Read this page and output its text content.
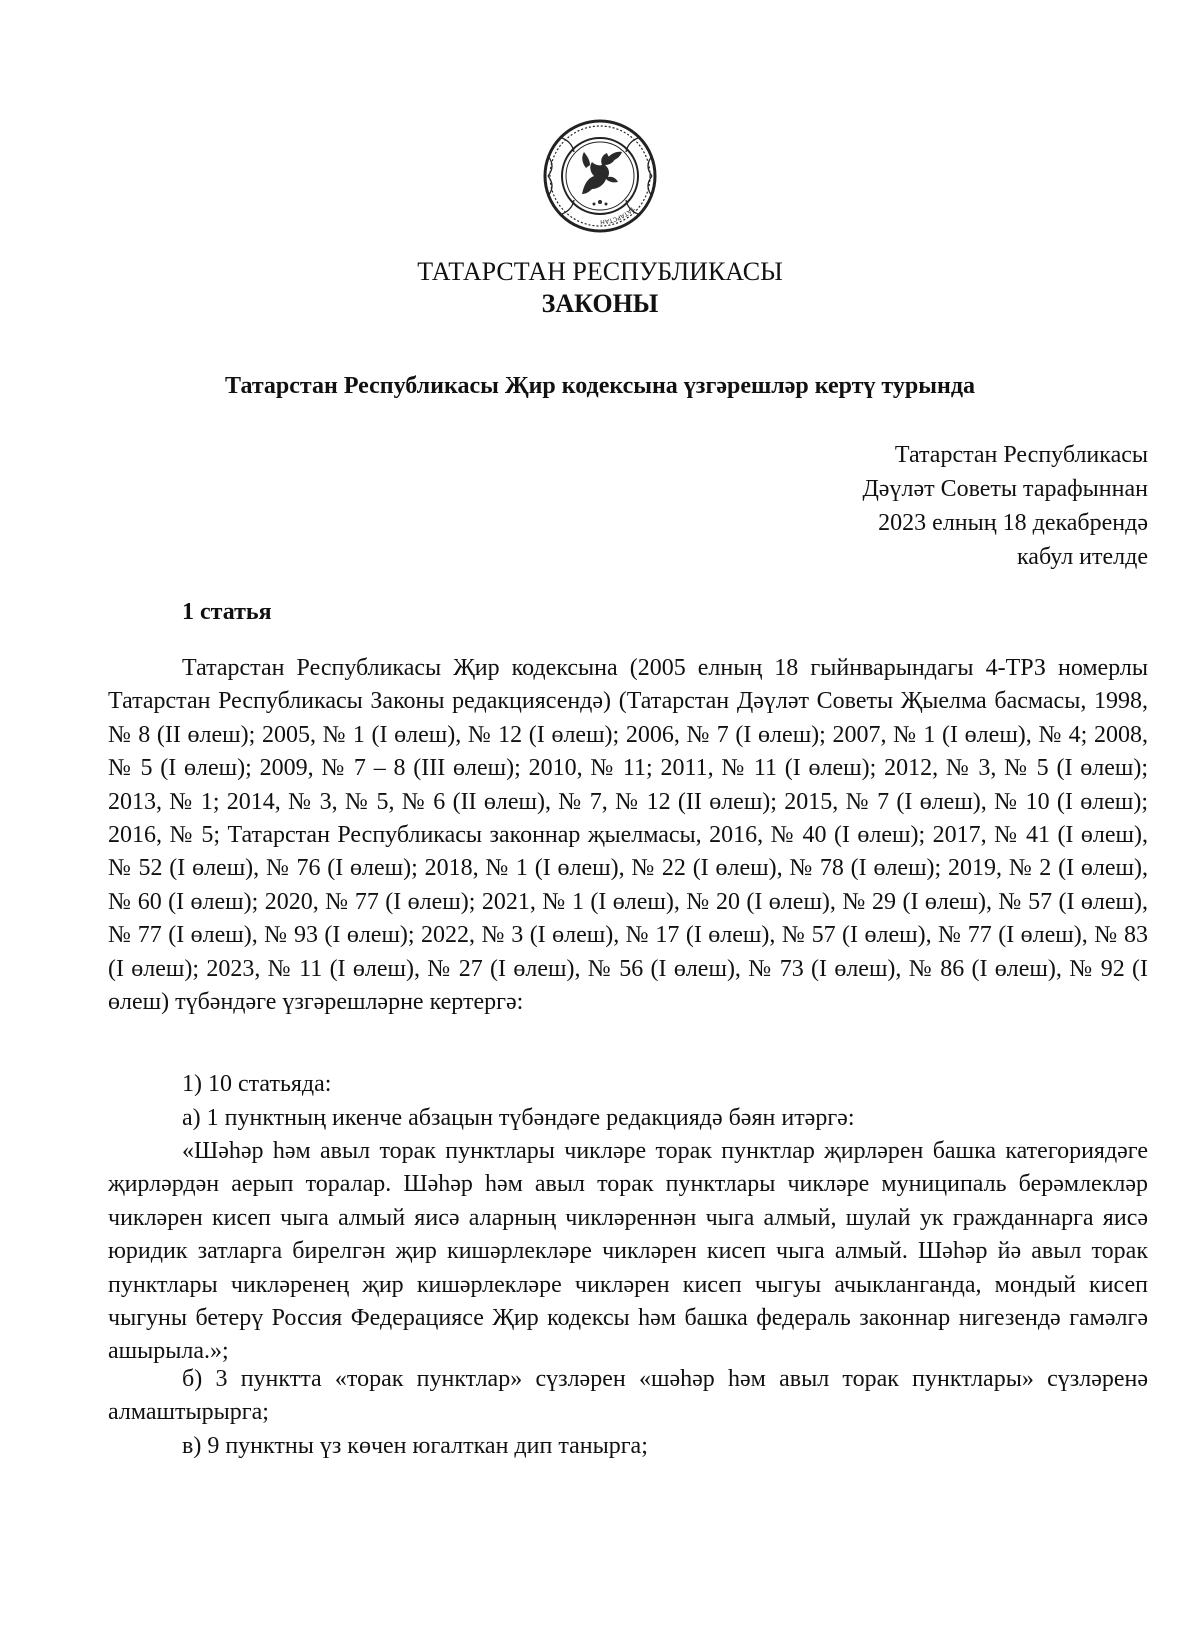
ТАТАРСТАН
ТАТАРСТАН РЕСПУБЛИКАСЫ
ЗАКОНЫ
Татарстан Республикасы Җир кодексына үзгәрешләр кертү турында
Татарстан Республикасы
Дәүләт Советы тарафыннан
2023 елның 18 декабрендә
кабул ителде
1 статья

Татарстан Республикасы Җир кодексына (2005 елның 18 гыйнварындагы 4-ТРЗ номерлы Татарстан Республикасы Законы редакциясендә) (Татарстан Дәүләт Советы Җыелма басмасы, 1998, № 8 (II өлеш); 2005, № 1 (I өлеш), № 12 (I өлеш); 2006, № 7 (I өлеш); 2007, № 1 (I өлеш), № 4; 2008, № 5 (I өлеш); 2009, № 7 – 8 (III өлеш); 2010, № 11; 2011, № 11 (I өлеш); 2012, № 3, № 5 (I өлеш); 2013, № 1; 2014, № 3, № 5, № 6 (II өлеш), № 7, № 12 (II өлеш); 2015, № 7 (I өлеш), № 10 (I өлеш); 2016, № 5; Татарстан Республикасы законнар җыелмасы, 2016, № 40 (I өлеш); 2017, № 41 (I өлеш), № 52 (I өлеш), № 76 (I өлеш); 2018, № 1 (I өлеш), № 22 (I өлеш), № 78 (I өлеш); 2019, № 2 (I өлеш), № 60 (I өлеш); 2020, № 77 (I өлеш); 2021, № 1 (I өлеш), № 20 (I өлеш), № 29 (I өлеш), № 57 (I өлеш), № 77 (I өлеш), № 93 (I өлеш); 2022, № 3 (I өлеш), № 17 (I өлеш), № 57 (I өлеш), № 77 (I өлеш), № 83 (I өлеш); 2023, № 11 (I өлеш), № 27 (I өлеш), № 56 (I өлеш), № 73 (I өлеш), № 86 (I өлеш), № 92 (I өлеш) түбәндәге үзгәрешләрне кертергә:

1) 10 статьяда:

а) 1 пунктның икенче абзацын түбәндәге редакциядә бәян итәргә:

«Шәһәр һәм авыл торак пунктлары чикләре торак пунктлар җирләрен башка категориядәге җирләрдән аерып торалар. Шәһәр һәм авыл торак пунктлары чикләре муниципаль берәмлекләр чикләрен кисеп чыга алмый яисә аларның чикләреннән чыга алмый, шулай ук гражданнарга яисә юридик затларга бирелгән җир кишәрлекләре чикләрен кисеп чыга алмый. Шәһәр йә авыл торак пунктлары чикләренең җир кишәрлекләре чикләрен кисеп чыгуы ачыкланганда, мондый кисеп чыгуны бетерү Россия Федерациясе Җир кодексы һәм башка федераль законнар нигезендә гамәлгә ашырыла.»;

б) 3 пунктта «торак пунктлар» сүзләрен «шәһәр һәм авыл торак пунктлары» сүзләренә алмаштырырга;

в) 9 пунктны үз көчен югалткан дип танырга;
